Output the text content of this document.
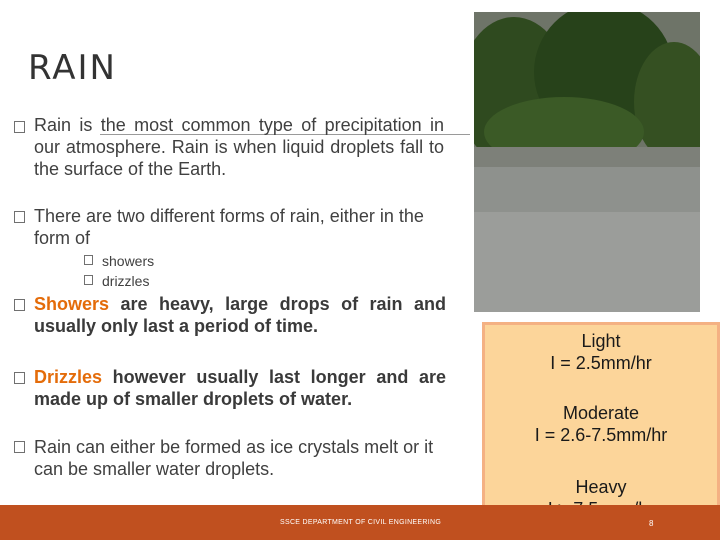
RAIN
Rain is the most common type of precipitation in our atmosphere. Rain is when liquid droplets fall to the surface of the Earth.
There are two different forms of rain, either in the form of
showers
drizzles
Showers are heavy, large drops of rain and usually only last a period of time.
Drizzles however usually last longer and are made up of smaller droplets of water.
Rain can either be formed as ice crystals melt or it can be smaller water droplets.
Light
I = 2.5mm/hr
Moderate
I = 2.6-7.5mm/hr
Heavy
SSCE DEPARTMENT OF CIVIL ENGINEERING	8
